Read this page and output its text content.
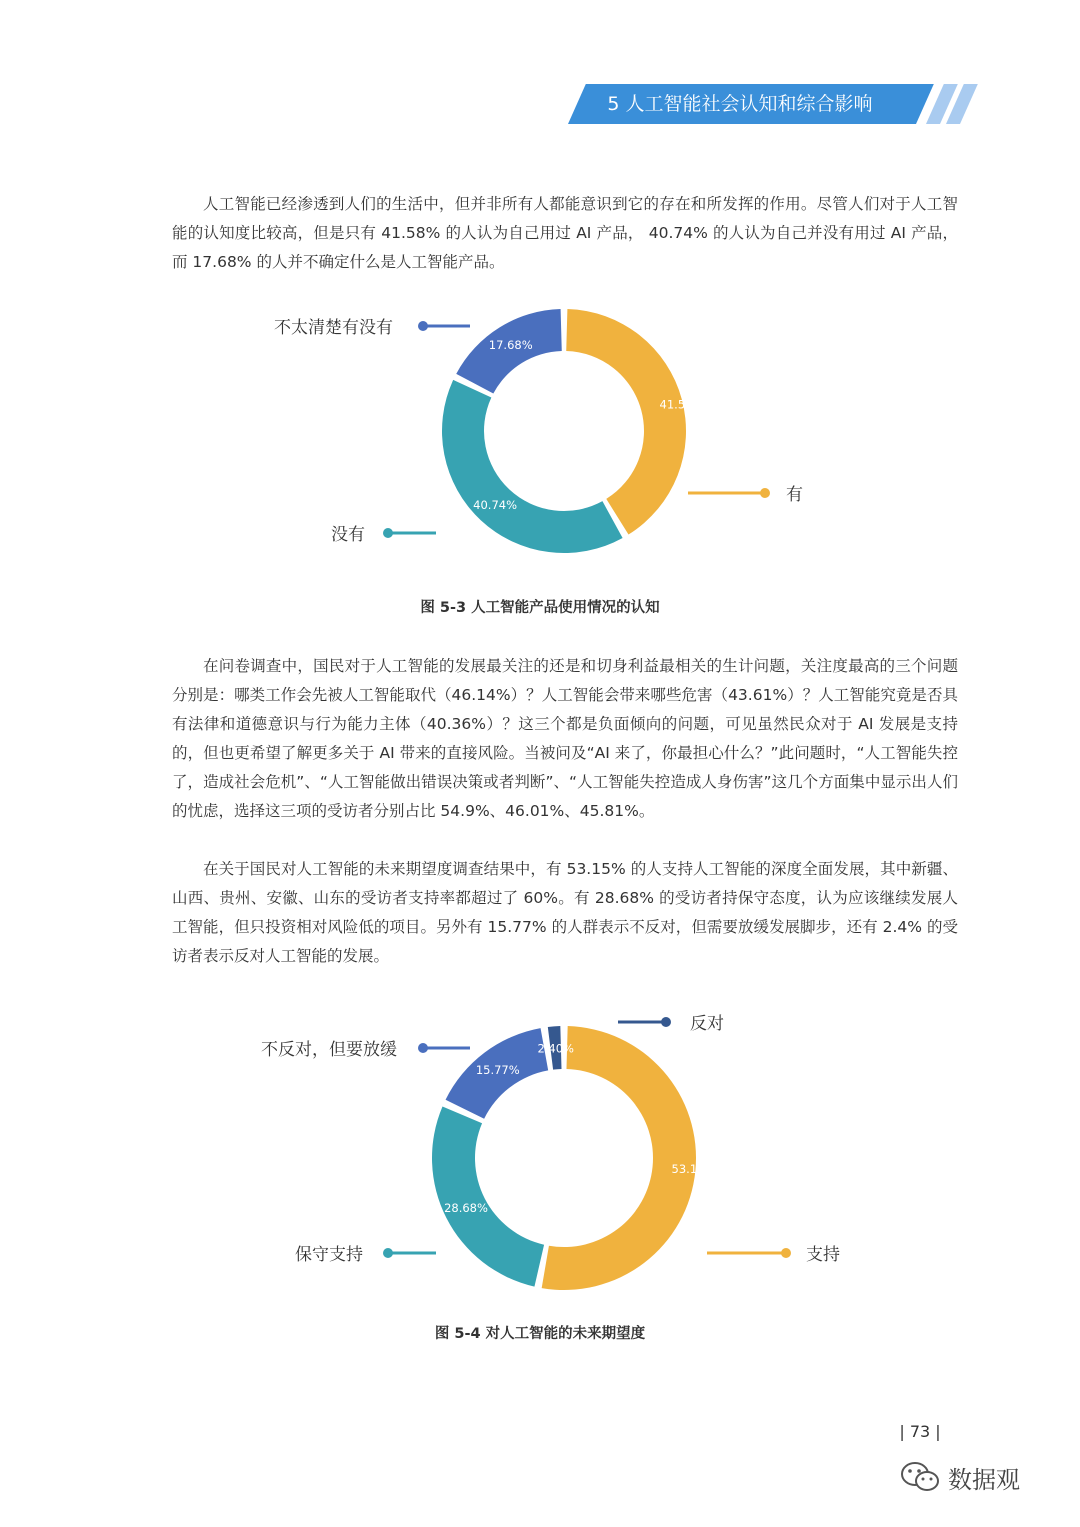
5 人工智能社会认知和综合影响

人工智能已经渗透到人们的生活中，但并非所有人都能意识到它的存在和所发挥的作用。尽管人们对于人工智能的认知度比较高，但是只有 41.58% 的人认为自己用过 AI 产品， 40.74% 的人认为自己并没有用过 AI 产品，而 17.68% 的人并不确定什么是人工智能产品。

41.58%
有
40.74%
没有
17.68%
不太清楚有没有
图 5-3 人工智能产品使用情况的认知

在问卷调查中，国民对于人工智能的发展最关注的还是和切身利益最相关的生计问题，关注度最高的三个问题分别是：哪类工作会先被人工智能取代（46.14%）？人工智能会带来哪些危害（43.61%）？人工智能究竟是否具有法律和道德意识与行为能力主体（40.36%）？这三个都是负面倾向的问题，可见虽然民众对于 AI 发展是支持的，但也更希望了解更多关于 AI 带来的直接风险。当被问及“AI 来了，你最担心什么？”此问题时，“人工智能失控了，造成社会危机”、“人工智能做出错误决策或者判断”、“人工智能失控造成人身伤害”这几个方面集中显示出人们的忧虑，选择这三项的受访者分别占比 54.9%、46.01%、45.81%。

在关于国民对人工智能的未来期望度调查结果中，有 53.15% 的人支持人工智能的深度全面发展，其中新疆、山西、贵州、安徽、山东的受访者支持率都超过了 60%。有 28.68% 的受访者持保守态度，认为应该继续发展人工智能，但只投资相对风险低的项目。另外有 15.77% 的人群表示不反对，但需要放缓发展脚步，还有 2.4% 的受访者表示反对人工智能的发展。

53.15%
支持
28.68%
保守支持
15.77%
不反对，但要放缓	2.40%
反对
图 5-4 对人工智能的未来期望度
| 73 |
数据观
